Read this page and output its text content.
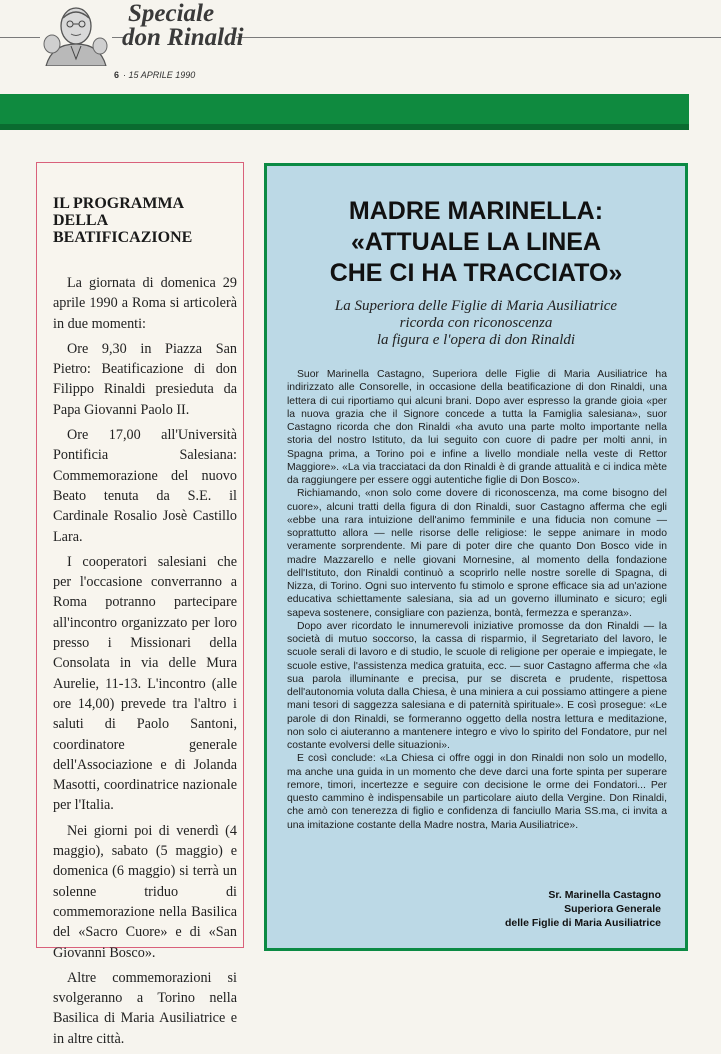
Speciale
don Rinaldi
6 · 15 APRILE 1990
IL PROGRAMMA DELLA BEATIFICAZIONE

La giornata di domenica 29 aprile 1990 a Roma si articolerà in due momenti:

Ore 9,30 in Piazza San Pietro: Beatificazione di don Filippo Rinaldi presieduta da Papa Giovanni Paolo II.

Ore 17,00 all'Università Pontificia Salesiana: Commemorazione del nuovo Beato tenuta da S.E. il Cardinale Rosalio Josè Castillo Lara.

I cooperatori salesiani che per l'occasione converranno a Roma potranno partecipare all'incontro organizzato per loro presso i Missionari della Consolata in via delle Mura Aurelie, 11-13. L'incontro (alle ore 14,00) prevede tra l'altro i saluti di Paolo Santoni, coordinatore generale dell'Associazione e di Jolanda Masotti, coordinatrice nazionale per l'Italia.

Nei giorni poi di venerdì (4 maggio), sabato (5 maggio) e domenica (6 maggio) si terrà un solenne triduo di commemorazione nella Basilica del «Sacro Cuore» e di «San Giovanni Bosco».

Altre commemorazioni si svolgeranno a Torino nella Basilica di Maria Ausiliatrice e in altre città.

MADRE MARINELLA:
«ATTUALE LA LINEA
CHE CI HA TRACCIATO»
La Superiora delle Figlie di Maria Ausiliatrice
ricorda con riconoscenza
la figura e l'opera di don Rinaldi

Suor Marinella Castagno, Superiora delle Figlie di Maria Ausiliatrice ha indirizzato alle Consorelle, in occasione della beatificazione di don Rinaldi, una lettera di cui riportiamo qui alcuni brani. Dopo aver espresso la grande gioia «per la nuova grazia che il Signore concede a tutta la Famiglia salesiana», suor Castagno ricorda che don Rinaldi «ha avuto una parte molto importante nella storia del nostro Istituto, da lui seguito con cuore di padre per molti anni, in Spagna prima, a Torino poi e infine a livello mondiale nella veste di Rettor Maggiore». «La via tracciataci da don Rinaldi è di grande attualità e ci indica mète da raggiungere per essere oggi autentiche figlie di Don Bosco».

Richiamando, «non solo come dovere di riconoscenza, ma come bisogno del cuore», alcuni tratti della figura di don Rinaldi, suor Castagno afferma che egli «ebbe una rara intuizione dell'animo femminile e una fiducia non comune — soprattutto allora — nelle risorse delle religiose: le seppe animare in modo veramente sorprendente. Mi pare di poter dire che quanto Don Bosco vide in madre Mazzarello e nelle giovani Mornesine, al momento della fondazione dell'Istituto, don Rinaldi continuò a scoprirlo nelle nostre sorelle di Spagna, di Nizza, di Torino. Ogni suo intervento fu stimolo e sprone efficace sia ad un'azione educativa schiettamente salesiana, sia ad un governo illuminato e sicuro; egli sapeva sostenere, consigliare con pazienza, bontà, fermezza e speranza».

Dopo aver ricordato le innumerevoli iniziative promosse da don Rinaldi — la società di mutuo soccorso, la cassa di risparmio, il Segretariato del lavoro, le scuole serali di lavoro e di studio, le scuole di religione per operaie e impiegate, le scuole estive, l'assistenza medica gratuita, ecc. — suor Castagno afferma che «la sua parola illuminante e precisa, pur se discreta e prudente, rispettosa dell'autonomia voluta dalla Chiesa, è una miniera a cui possiamo attingere a piene mani tesori di saggezza salesiana e di paternità spirituale». E così prosegue: «Le parole di don Rinaldi, se formeranno oggetto della nostra lettura e meditazione, non solo ci aiuteranno a mantenere integro e vivo lo spirito del Fondatore, pur nel costante evolversi delle situazioni».

E così conclude: «La Chiesa ci offre oggi in don Rinaldi non solo un modello, ma anche una guida in un momento che deve darci una forte spinta per superare remore, timori, incertezze e seguire con decisione le orme dei Fondatori... Per questo cammino è indispensabile un particolare aiuto della Vergine. Don Rinaldi, che amò con tenerezza di figlio e confidenza di fanciullo Maria SS.ma, ci invita a una imitazione costante della Madre nostra, Maria Ausiliatrice».

Sr. Marinella Castagno
Superiora Generale
delle Figlie di Maria Ausiliatrice
